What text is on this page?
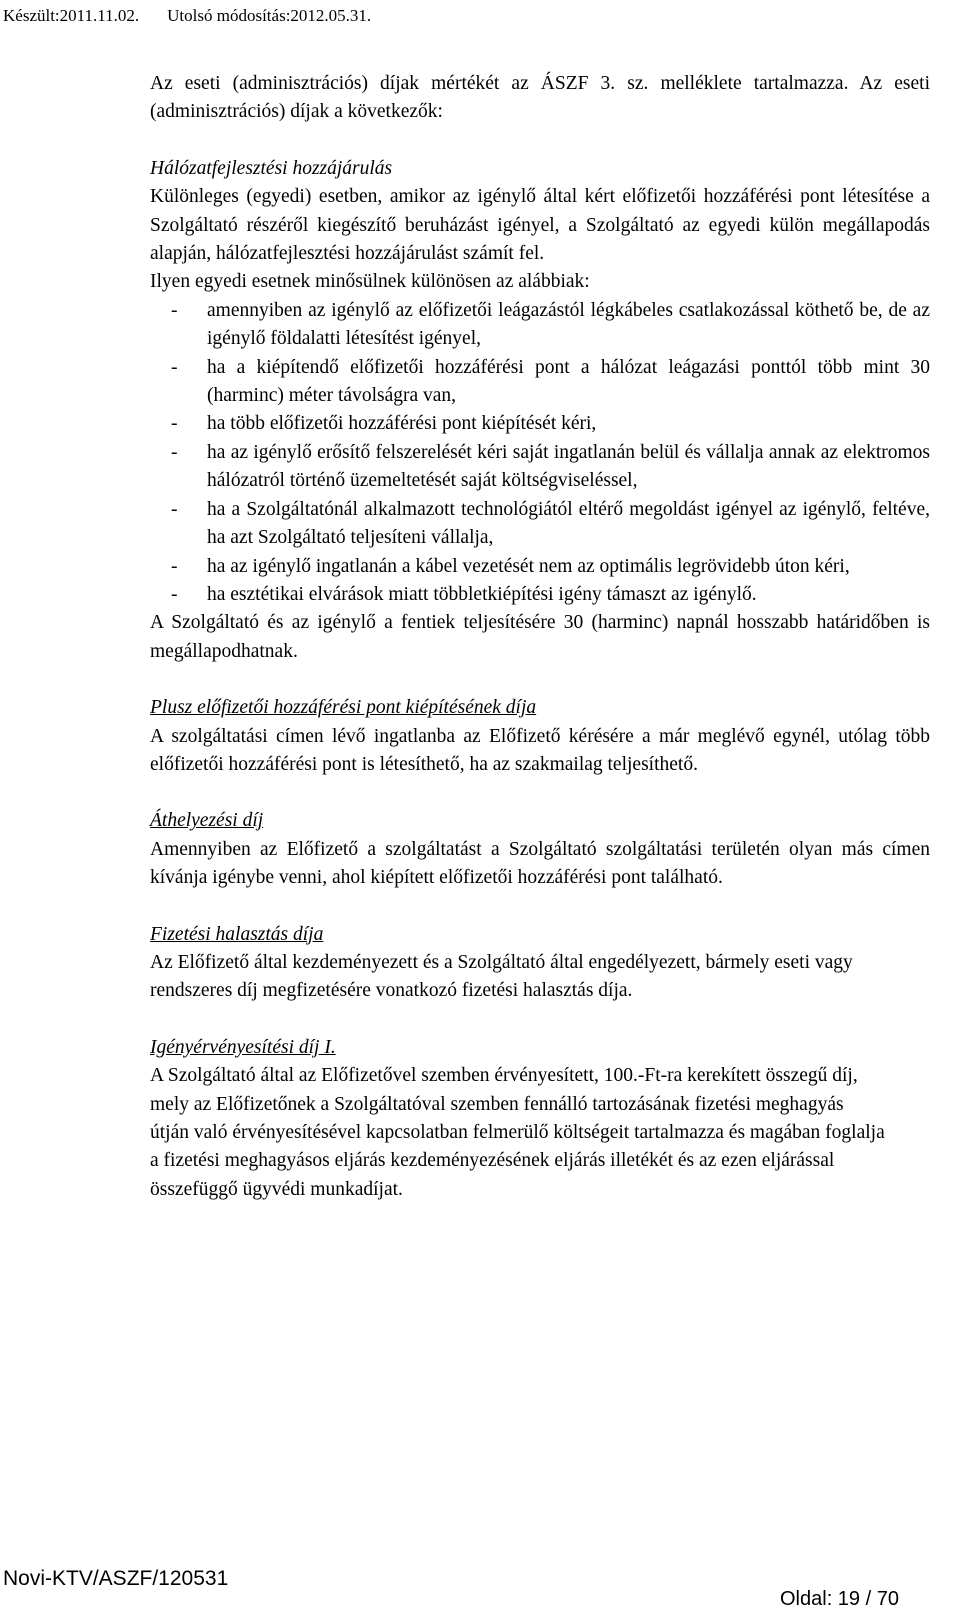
Készült:2011.11.02. Utolsó módosítás:2012.05.31.

Az eseti (adminisztrációs) díjak mértékét az ÁSZF 3. sz. melléklete tartalmazza. Az eseti (adminisztrációs) díjak a következők:

Hálózatfejlesztési hozzájárulás

Különleges (egyedi) esetben, amikor az igénylő által kért előfizetői hozzáférési pont létesítése a Szolgáltató részéről kiegészítő beruházást igényel, a Szolgáltató az egyedi külön megállapodás alapján, hálózatfejlesztési hozzájárulást számít fel.

Ilyen egyedi esetnek minősülnek különösen az alábbiak:

- amennyiben az igénylő az előfizetői leágazástól légkábeles csatlakozással köthető be, de az igénylő földalatti létesítést igényel,
- ha a kiépítendő előfizetői hozzáférési pont a hálózat leágazási ponttól több mint 30 (harminc) méter távolságra van,
- ha több előfizetői hozzáférési pont kiépítését kéri,
- ha az igénylő erősítő felszerelését kéri saját ingatlanán belül és vállalja annak az elektromos hálózatról történő üzemeltetését saját költségviseléssel,
- ha a Szolgáltatónál alkalmazott technológiától eltérő megoldást igényel az igénylő, feltéve, ha azt Szolgáltató teljesíteni vállalja,
- ha az igénylő ingatlanán a kábel vezetését nem az optimális legrövidebb úton kéri,
- ha esztétikai elvárások miatt többletkiépítési igény támaszt az igénylő.

A Szolgáltató és az igénylő a fentiek teljesítésére 30 (harminc) napnál hosszabb határidőben is megállapodhatnak.

Plusz előfizetői hozzáférési pont kiépítésének díja

A szolgáltatási címen lévő ingatlanba az Előfizető kérésére a már meglévő egynél, utólag több előfizetői hozzáférési pont is létesíthető, ha az szakmailag teljesíthető.

Áthelyezési díj

Amennyiben az Előfizető a szolgáltatást a Szolgáltató szolgáltatási területén olyan más címen kívánja igénybe venni, ahol kiépített előfizetői hozzáférési pont található.

Fizetési halasztás díja

Az Előfizető által kezdeményezett és a Szolgáltató által engedélyezett, bármely eseti vagy

rendszeres díj megfizetésére vonatkozó fizetési halasztás díja.

Igényérvényesítési díj I.

A Szolgáltató által az Előfizetővel szemben érvényesített, 100.-Ft-ra kerekített összegű díj,

mely az Előfizetőnek a Szolgáltatóval szemben fennálló tartozásának fizetési meghagyás

útján való érvényesítésével kapcsolatban felmerülő költségeit tartalmazza és magában foglalja

a fizetési meghagyásos eljárás kezdeményezésének eljárás illetékét és az ezen eljárással

összefüggő ügyvédi munkadíjat.

Novi-KTV/ASZF/120531
Oldal: 19 / 70
